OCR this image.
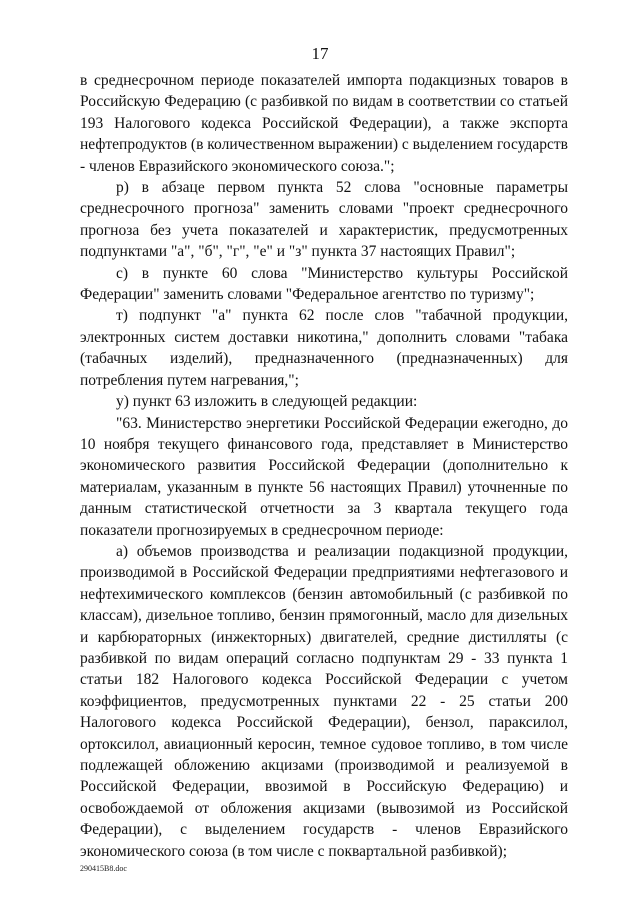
17

в среднесрочном периоде показателей импорта подакцизных товаров в Российскую Федерацию (с разбивкой по видам в соответствии со статьей 193 Налогового кодекса Российской Федерации), а также экспорта нефтепродуктов (в количественном выражении) с выделением государств - членов Евразийского экономического союза.";

р) в абзаце первом пункта 52 слова "основные параметры среднесрочного прогноза" заменить словами "проект среднесрочного прогноза без учета показателей и характеристик, предусмотренных подпунктами "а", "б", "г", "е" и "з" пункта 37 настоящих Правил";

с) в пункте 60 слова "Министерство культуры Российской Федерации" заменить словами "Федеральное агентство по туризму";

т) подпункт "а" пункта 62 после слов "табачной продукции, электронных систем доставки никотина," дополнить словами "табака (табачных изделий), предназначенного (предназначенных) для потребления путем нагревания,";

у) пункт 63 изложить в следующей редакции:

"63. Министерство энергетики Российской Федерации ежегодно, до 10 ноября текущего финансового года, представляет в Министерство экономического развития Российской Федерации (дополнительно к материалам, указанным в пункте 56 настоящих Правил) уточненные по данным статистической отчетности за 3 квартала текущего года показатели прогнозируемых в среднесрочном периоде:

а) объемов производства и реализации подакцизной продукции, производимой в Российской Федерации предприятиями нефтегазового и нефтехимического комплексов (бензин автомобильный (с разбивкой по классам), дизельное топливо, бензин прямогонный, масло для дизельных и карбюраторных (инжекторных) двигателей, средние дистилляты (с разбивкой по видам операций согласно подпунктам 29 - 33 пункта 1 статьи 182 Налогового кодекса Российской Федерации с учетом коэффициентов, предусмотренных пунктами 22 - 25 статьи 200 Налогового кодекса Российской Федерации), бензол, параксилол, ортоксилол, авиационный керосин, темное судовое топливо, в том числе подлежащей обложению акцизами (производимой и реализуемой в Российской Федерации, ввозимой в Российскую Федерацию) и освобождаемой от обложения акцизами (вывозимой из Российской Федерации), с выделением государств - членов Евразийского экономического союза (в том числе с поквартальной разбивкой);

290415B8.doc
